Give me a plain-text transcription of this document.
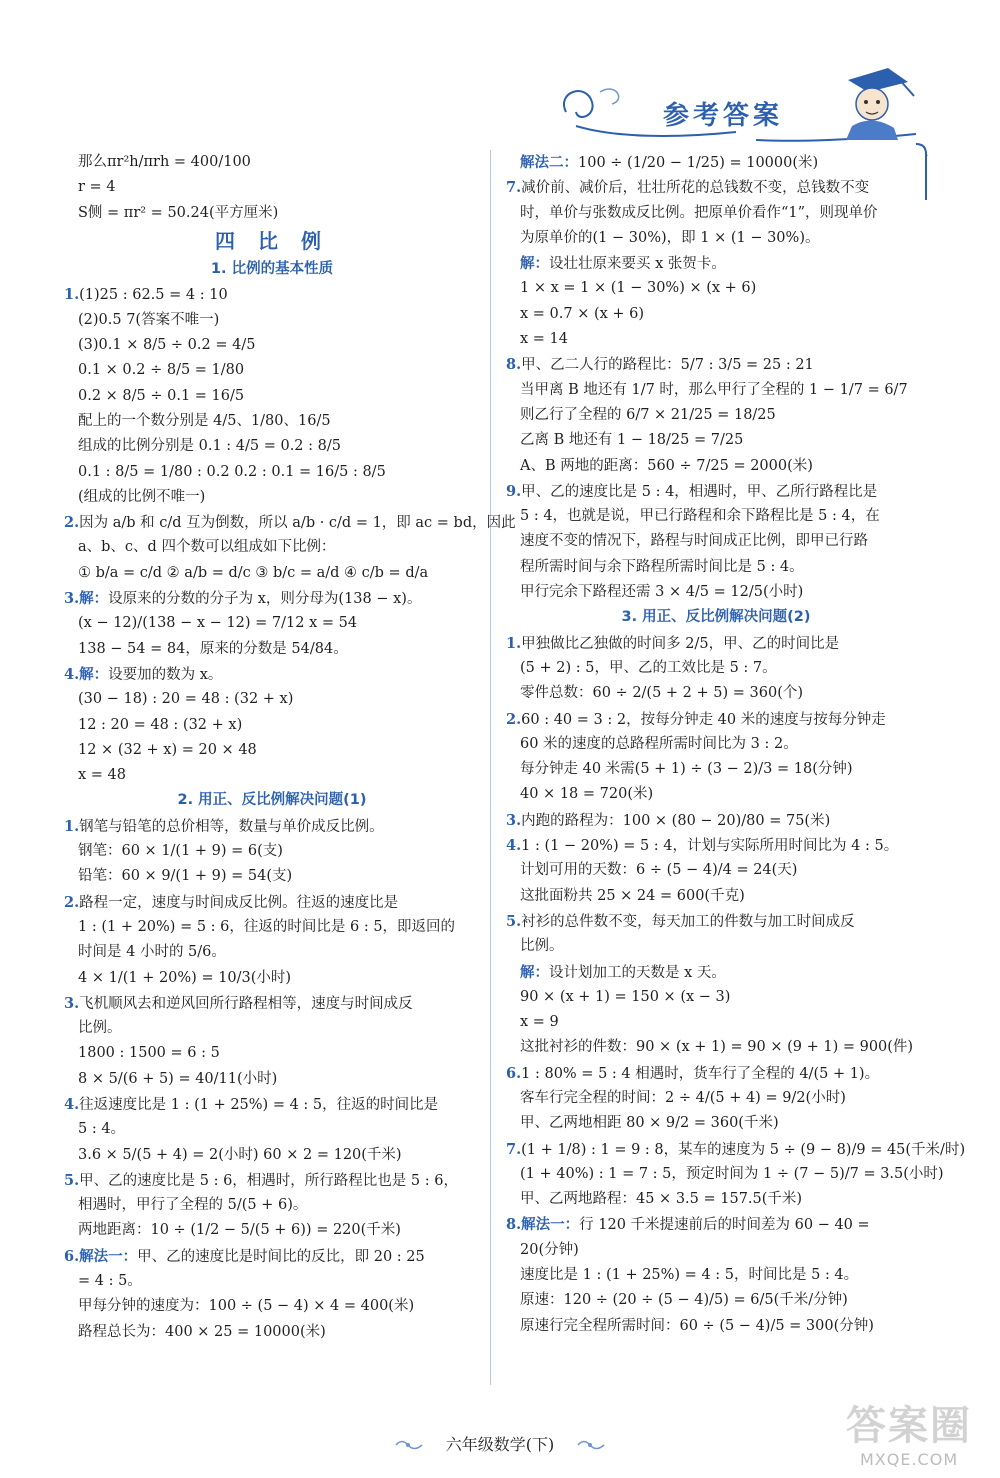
参考答案
那么πr²h/πrh = 400/100
r = 4
S侧 = πr² = 50.24(平方厘米)
四 比 例
1. 比例的基本性质
1.(1)25 : 62.5 = 4 : 10
(2)0.5 7(答案不唯一)
(3)0.1 × 8/5 ÷ 0.2 = 4/5
0.1 × 0.2 ÷ 8/5 = 1/80
0.2 × 8/5 ÷ 0.1 = 16/5
配上的一个数分别是 4/5、1/80、16/5
组成的比例分别是 0.1 : 4/5 = 0.2 : 8/5
0.1 : 8/5 = 1/80 : 0.2 0.2 : 0.1 = 16/5 : 8/5
(组成的比例不唯一)
2.因为 a/b 和 c/d 互为倒数，所以 a/b · c/d = 1，即 ac = bd，因此
a、b、c、d 四个数可以组成如下比例：
① b/a = c/d ② a/b = d/c ③ b/c = a/d ④ c/b = d/a
3.解：设原来的分数的分子为 x，则分母为(138 − x)。
(x − 12)/(138 − x − 12) = 7/12 x = 54
138 − 54 = 84，原来的分数是 54/84。
4.解：设要加的数为 x。
(30 − 18) : 20 = 48 : (32 + x)
12 : 20 = 48 : (32 + x)
12 × (32 + x) = 20 × 48
x = 48
2. 用正、反比例解决问题(1)
1.钢笔与铅笔的总价相等，数量与单价成反比例。
钢笔：60 × 1/(1 + 9) = 6(支)
铅笔：60 × 9/(1 + 9) = 54(支)
2.路程一定，速度与时间成反比例。往返的速度比是
1 : (1 + 20%) = 5 : 6，往返的时间比是 6 : 5，即返回的
时间是 4 小时的 5/6。
4 × 1/(1 + 20%) = 10/3(小时)
3.飞机顺风去和逆风回所行路程相等，速度与时间成反
比例。
1800 : 1500 = 6 : 5
8 × 5/(6 + 5) = 40/11(小时)
4.往返速度比是 1 : (1 + 25%) = 4 : 5，往返的时间比是
5 : 4。
3.6 × 5/(5 + 4) = 2(小时) 60 × 2 = 120(千米)
5.甲、乙的速度比是 5 : 6，相遇时，所行路程比也是 5 : 6，
相遇时，甲行了全程的 5/(5 + 6)。
两地距离：10 ÷ (1/2 − 5/(5 + 6)) = 220(千米)
6.解法一：甲、乙的速度比是时间比的反比，即 20 : 25
= 4 : 5。
甲每分钟的速度为：100 ÷ (5 − 4) × 4 = 400(米)
路程总长为：400 × 25 = 10000(米)
解法二：100 ÷ (1/20 − 1/25) = 10000(米)
7.减价前、减价后，壮壮所花的总钱数不变，总钱数不变
时，单价与张数成反比例。把原单价看作“1”，则现单价
为原单价的(1 − 30%)，即 1 × (1 − 30%)。
解：设壮壮原来要买 x 张贺卡。
1 × x = 1 × (1 − 30%) × (x + 6)
x = 0.7 × (x + 6)
x = 14
8.甲、乙二人行的路程比：5/7 : 3/5 = 25 : 21
当甲离 B 地还有 1/7 时，那么甲行了全程的 1 − 1/7 = 6/7
则乙行了全程的 6/7 × 21/25 = 18/25
乙离 B 地还有 1 − 18/25 = 7/25
A、B 两地的距离：560 ÷ 7/25 = 2000(米)
9.甲、乙的速度比是 5 : 4，相遇时，甲、乙所行路程比是
5 : 4，也就是说，甲已行路程和余下路程比是 5 : 4，在
速度不变的情况下，路程与时间成正比例，即甲已行路
程所需时间与余下路程所需时间比是 5 : 4。
甲行完余下路程还需 3 × 4/5 = 12/5(小时)
3. 用正、反比例解决问题(2)
1.甲独做比乙独做的时间多 2/5，甲、乙的时间比是
(5 + 2) : 5，甲、乙的工效比是 5 : 7。
零件总数：60 ÷ 2/(5 + 2 + 5) = 360(个)
2.60 : 40 = 3 : 2，按每分钟走 40 米的速度与按每分钟走
60 米的速度的总路程所需时间比为 3 : 2。
每分钟走 40 米需(5 + 1) ÷ (3 − 2)/3 = 18(分钟)
40 × 18 = 720(米)
3.内跑的路程为：100 × (80 − 20)/80 = 75(米)
4.1 : (1 − 20%) = 5 : 4，计划与实际所用时间比为 4 : 5。
计划可用的天数：6 ÷ (5 − 4)/4 = 24(天)
这批面粉共 25 × 24 = 600(千克)
5.衬衫的总件数不变，每天加工的件数与加工时间成反
比例。
解：设计划加工的天数是 x 天。
90 × (x + 1) = 150 × (x − 3)
x = 9
这批衬衫的件数：90 × (x + 1) = 90 × (9 + 1) = 900(件)
6.1 : 80% = 5 : 4 相遇时，货车行了全程的 4/(5 + 1)。
客车行完全程的时间：2 ÷ 4/(5 + 4) = 9/2(小时)
甲、乙两地相距 80 × 9/2 = 360(千米)
7.(1 + 1/8) : 1 = 9 : 8，某车的速度为 5 ÷ (9 − 8)/9 = 45(千米/时)
(1 + 40%) : 1 = 7 : 5，预定时间为 1 ÷ (7 − 5)/7 = 3.5(小时)
甲、乙两地路程：45 × 3.5 = 157.5(千米)
8.解法一：行 120 千米提速前后的时间差为 60 − 40 =
20(分钟)
速度比是 1 : (1 + 25%) = 4 : 5，时间比是 5 : 4。
原速：120 ÷ (20 ÷ (5 − 4)/5) = 6/5(千米/分钟)
原速行完全程所需时间：60 ÷ (5 − 4)/5 = 300(分钟)
六年级数学(下)	答案圈
MXQE.COM
